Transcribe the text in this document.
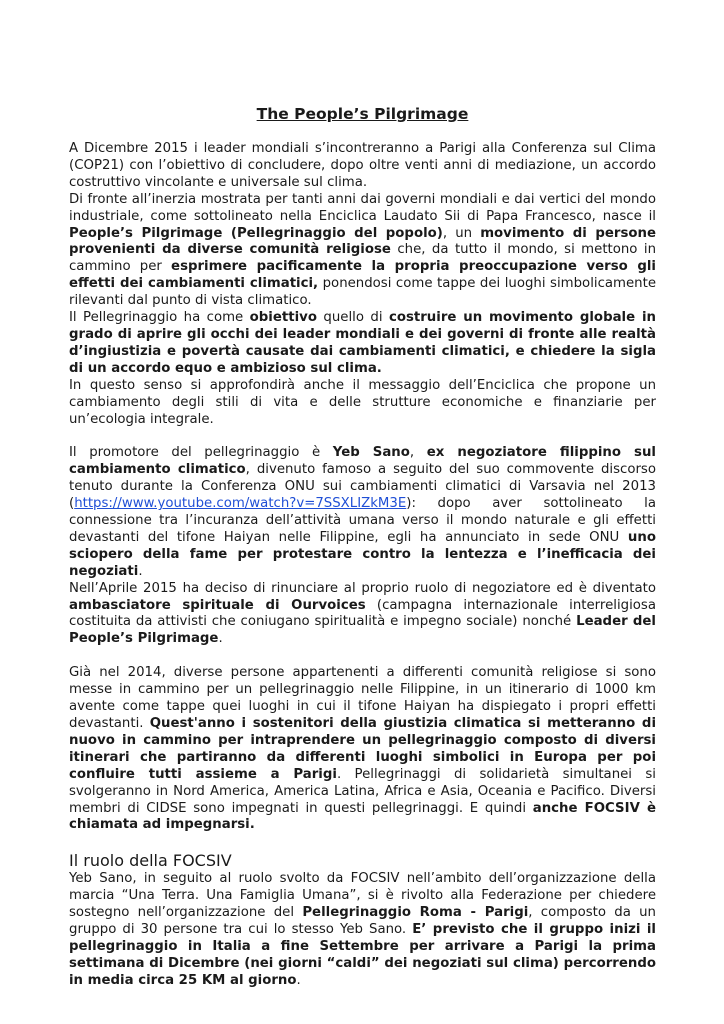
The People’s Pilgrimage

A Dicembre 2015 i leader mondiali s’incontreranno a Parigi alla Conferenza sul Clima (COP21) con l’obiettivo di concludere, dopo oltre venti anni di mediazione, un accordo costruttivo vincolante e universale sul clima.

Di fronte all’inerzia mostrata per tanti anni dai governi mondiali e dai vertici del mondo industriale, come sottolineato nella Enciclica Laudato Sii di Papa Francesco, nasce il People’s Pilgrimage (Pellegrinaggio del popolo), un movimento di persone provenienti da diverse comunità religiose che, da tutto il mondo, si mettono in cammino per esprimere pacificamente la propria preoccupazione verso gli effetti dei cambiamenti climatici, ponendosi come tappe dei luoghi simbolicamente rilevanti dal punto di vista climatico.

Il Pellegrinaggio ha come obiettivo quello di costruire un movimento globale in grado di aprire gli occhi dei leader mondiali e dei governi di fronte alle realtà d’ingiustizia e povertà causate dai cambiamenti climatici, e chiedere la sigla di un accordo equo e ambizioso sul clima.

In questo senso si approfondirà anche il messaggio dell’Enciclica che propone un cambiamento degli stili di vita e delle strutture economiche e finanziarie per un’ecologia integrale.

Il promotore del pellegrinaggio è Yeb Sano, ex negoziatore filippino sul cambiamento climatico, divenuto famoso a seguito del suo commovente discorso tenuto durante la Conferenza ONU sui cambiamenti climatici di Varsavia nel 2013 (https://www.youtube.com/watch?v=7SSXLIZkM3E): dopo aver sottolineato la connessione tra l’incuranza dell’attività umana verso il mondo naturale e gli effetti devastanti del tifone Haiyan nelle Filippine, egli ha annunciato in sede ONU uno sciopero della fame per protestare contro la lentezza e l’inefficacia dei negoziati.

Nell’Aprile 2015 ha deciso di rinunciare al proprio ruolo di negoziatore ed è diventato ambasciatore spirituale di Ourvoices (campagna internazionale interreligiosa costituita da attivisti che coniugano spiritualità e impegno sociale) nonché Leader del People’s Pilgrimage.

Già nel 2014, diverse persone appartenenti a differenti comunità religiose si sono messe in cammino per un pellegrinaggio nelle Filippine, in un itinerario di 1000 km avente come tappe quei luoghi in cui il tifone Haiyan ha dispiegato i propri effetti devastanti. Quest'anno i sostenitori della giustizia climatica si metteranno di nuovo in cammino per intraprendere un pellegrinaggio composto di diversi itinerari che partiranno da differenti luoghi simbolici in Europa per poi confluire tutti assieme a Parigi. Pellegrinaggi di solidarietà simultanei si svolgeranno in Nord America, America Latina, Africa e Asia, Oceania e Pacifico. Diversi membri di CIDSE sono impegnati in questi pellegrinaggi. E quindi anche FOCSIV è chiamata ad impegnarsi.

Il ruolo della FOCSIV

Yeb Sano, in seguito al ruolo svolto da FOCSIV nell’ambito dell’organizzazione della marcia “Una Terra. Una Famiglia Umana”, si è rivolto alla Federazione per chiedere sostegno nell’organizzazione del Pellegrinaggio Roma - Parigi, composto da un gruppo di 30 persone tra cui lo stesso Yeb Sano. E’ previsto che il gruppo inizi il pellegrinaggio in Italia a fine Settembre per arrivare a Parigi la prima settimana di Dicembre (nei giorni “caldi” dei negoziati sul clima) percorrendo in media circa 25 KM al giorno.
